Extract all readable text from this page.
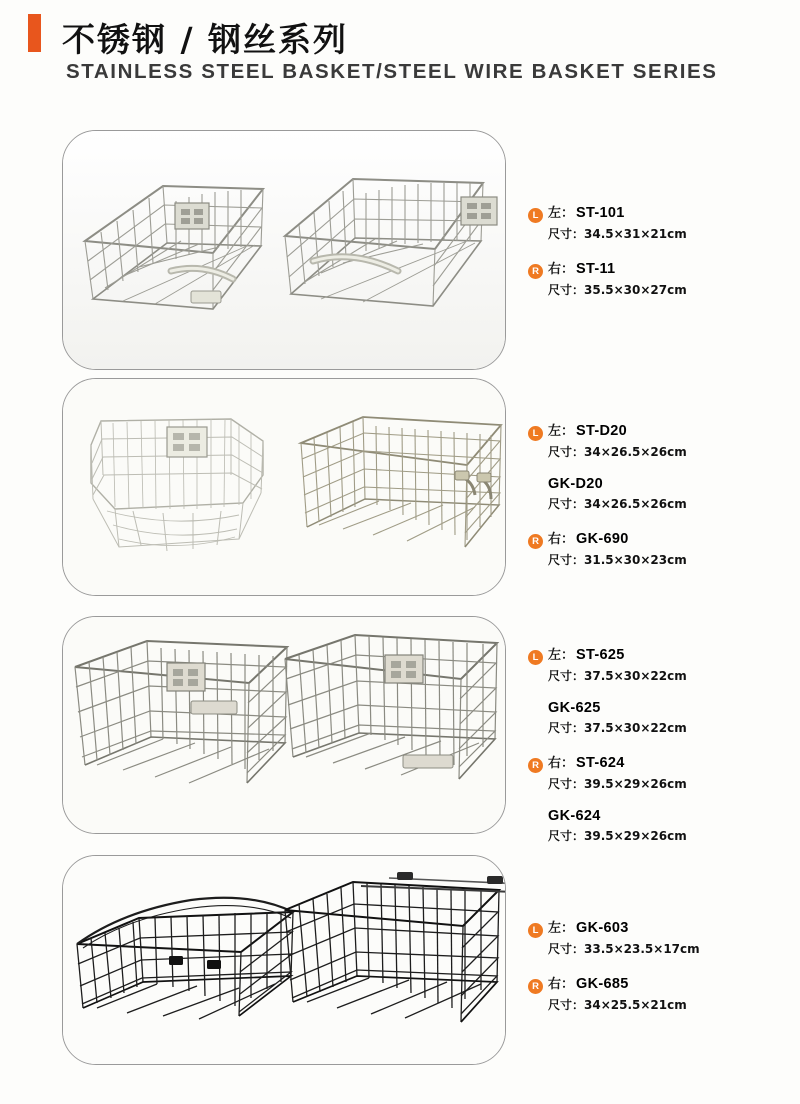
不锈钢 / 钢丝系列
STAINLESS STEEL BASKET/STEEL WIRE BASKET SERIES
L 左： ST-101
尺寸：34.5×31×21cm
R 右： ST-11
尺寸：35.5×30×27cm
L 左： ST-D20
尺寸：34×26.5×26cm
GK-D20
尺寸：34×26.5×26cm
R 右： GK-690
尺寸：31.5×30×23cm
L 左： ST-625
尺寸：37.5×30×22cm
GK-625
尺寸：37.5×30×22cm
R 右： ST-624
尺寸：39.5×29×26cm
GK-624
尺寸：39.5×29×26cm
L 左： GK-603
尺寸：33.5×23.5×17cm
R 右： GK-685
尺寸：34×25.5×21cm
